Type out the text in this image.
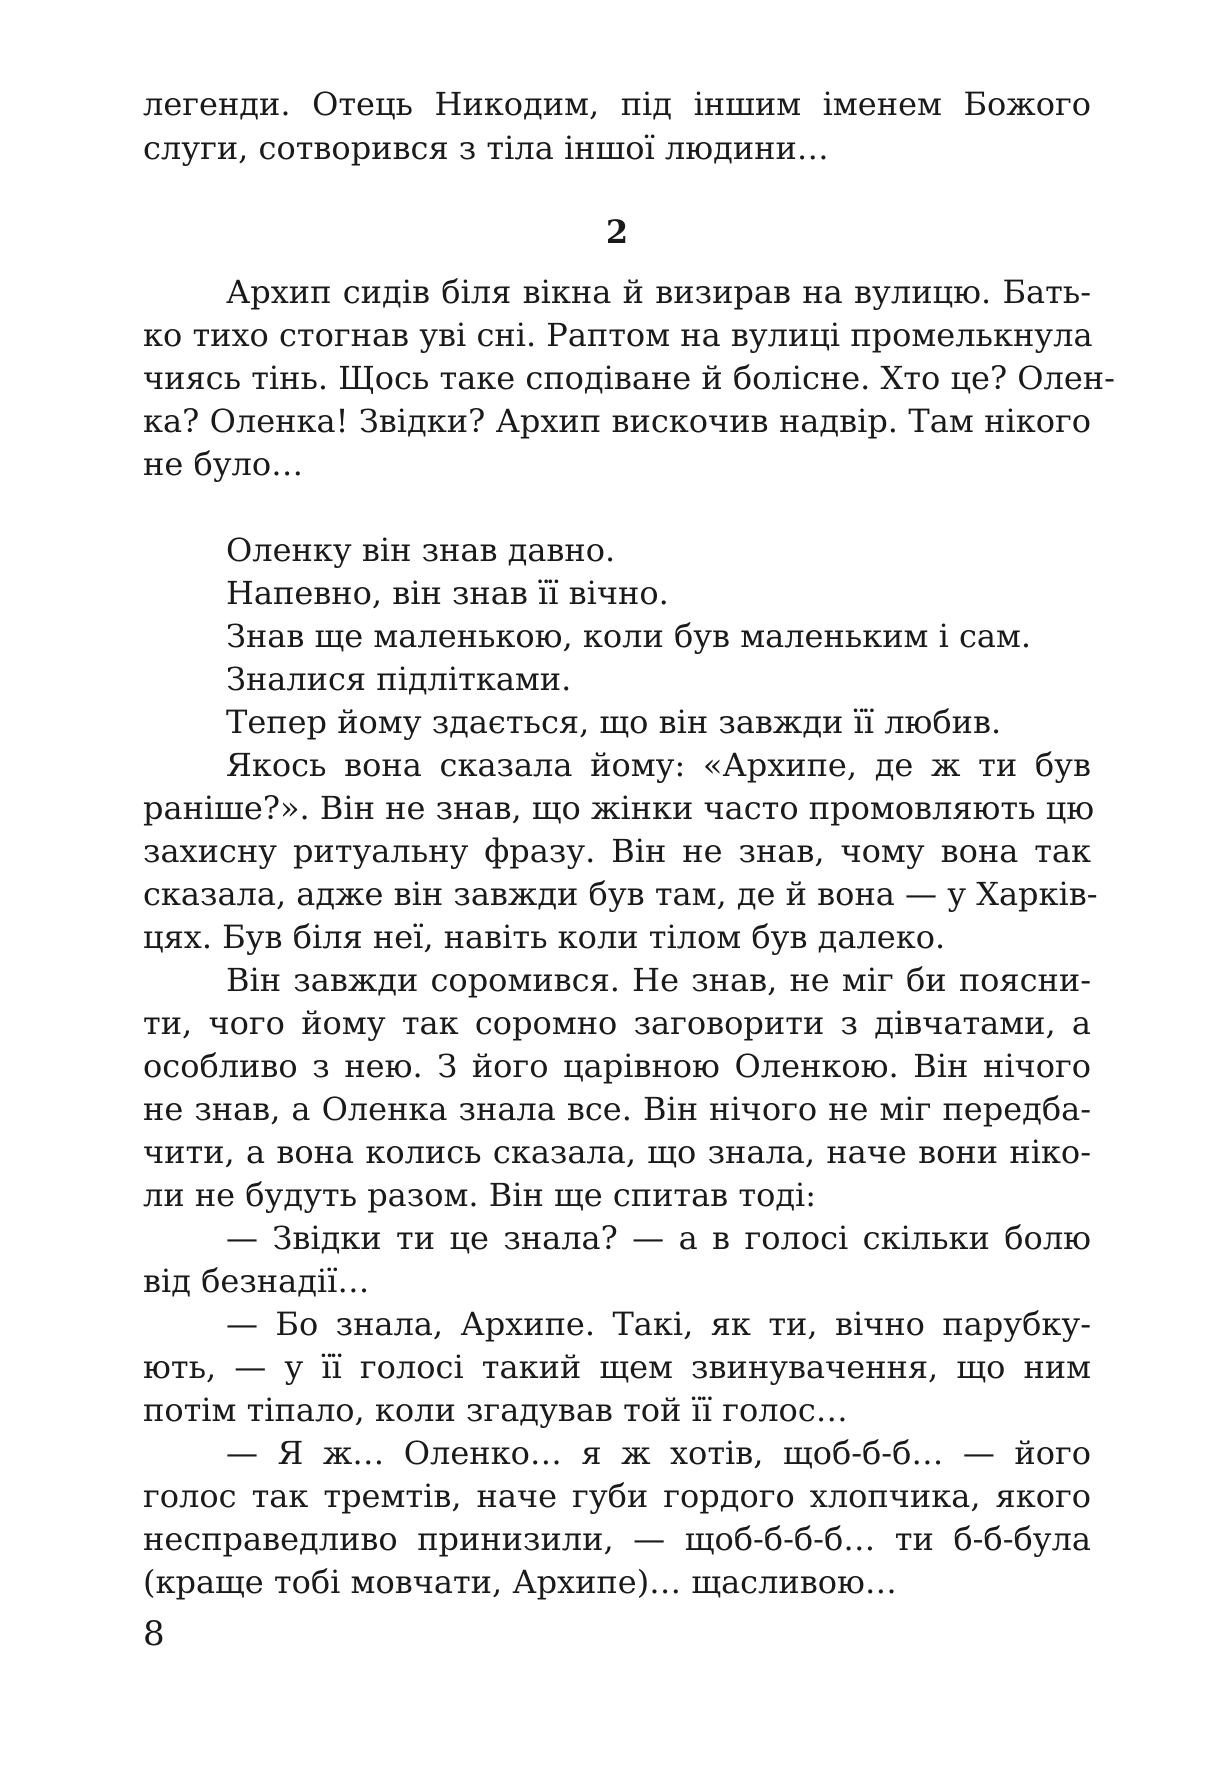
легенди. Отець Никодим, під іншим іменем Божого
слуги, сотворився з тіла іншої людини…
2
Архип сидів біля вікна й визирав на вулицю. Бать-
ко тихо стогнав уві сні. Раптом на вулиці промелькнула
чиясь тінь. Щось таке сподіване й болісне. Хто це? Олен-
ка? Оленка! Звідки? Архип вискочив надвір. Там нікого
не було…
Оленку він знав давно.
Напевно, він знав її вічно.
Знав ще маленькою, коли був маленьким і сам.
Зналися підлітками.
Тепер йому здається, що він завжди її любив.
Якось вона сказала йому: «Архипе, де ж ти був
раніше?». Він не знав, що жінки часто промовляють цю
захисну ритуальну фразу. Він не знав, чому вона так
сказала, адже він завжди був там, де й вона — у Харків-
цях. Був біля неї, навіть коли тілом був далеко.
Він завжди соромився. Не знав, не міг би поясни-
ти, чого йому так соромно заговорити з дівчатами, а
особливо з нею. З його царівною Оленкою. Він нічого
не знав, а Оленка знала все. Він нічого не міг передба-
чити, а вона колись сказала, що знала, наче вони ніко-
ли не будуть разом. Він ще спитав тоді:
— Звідки ти це знала? — а в голосі скільки болю
від безнадії…
— Бо знала, Архипе. Такі, як ти, вічно парубку-
ють, — у її голосі такий щем звинувачення, що ним
потім тіпало, коли згадував той її голос…
— Я ж… Оленко… я ж хотів, щоб-б-б… — його
голос так тремтів, наче губи гордого хлопчика, якого
несправедливо принизили, — щоб-б-б-б… ти б-б-була
(краще тобі мовчати, Архипе)… щасливою…
8
